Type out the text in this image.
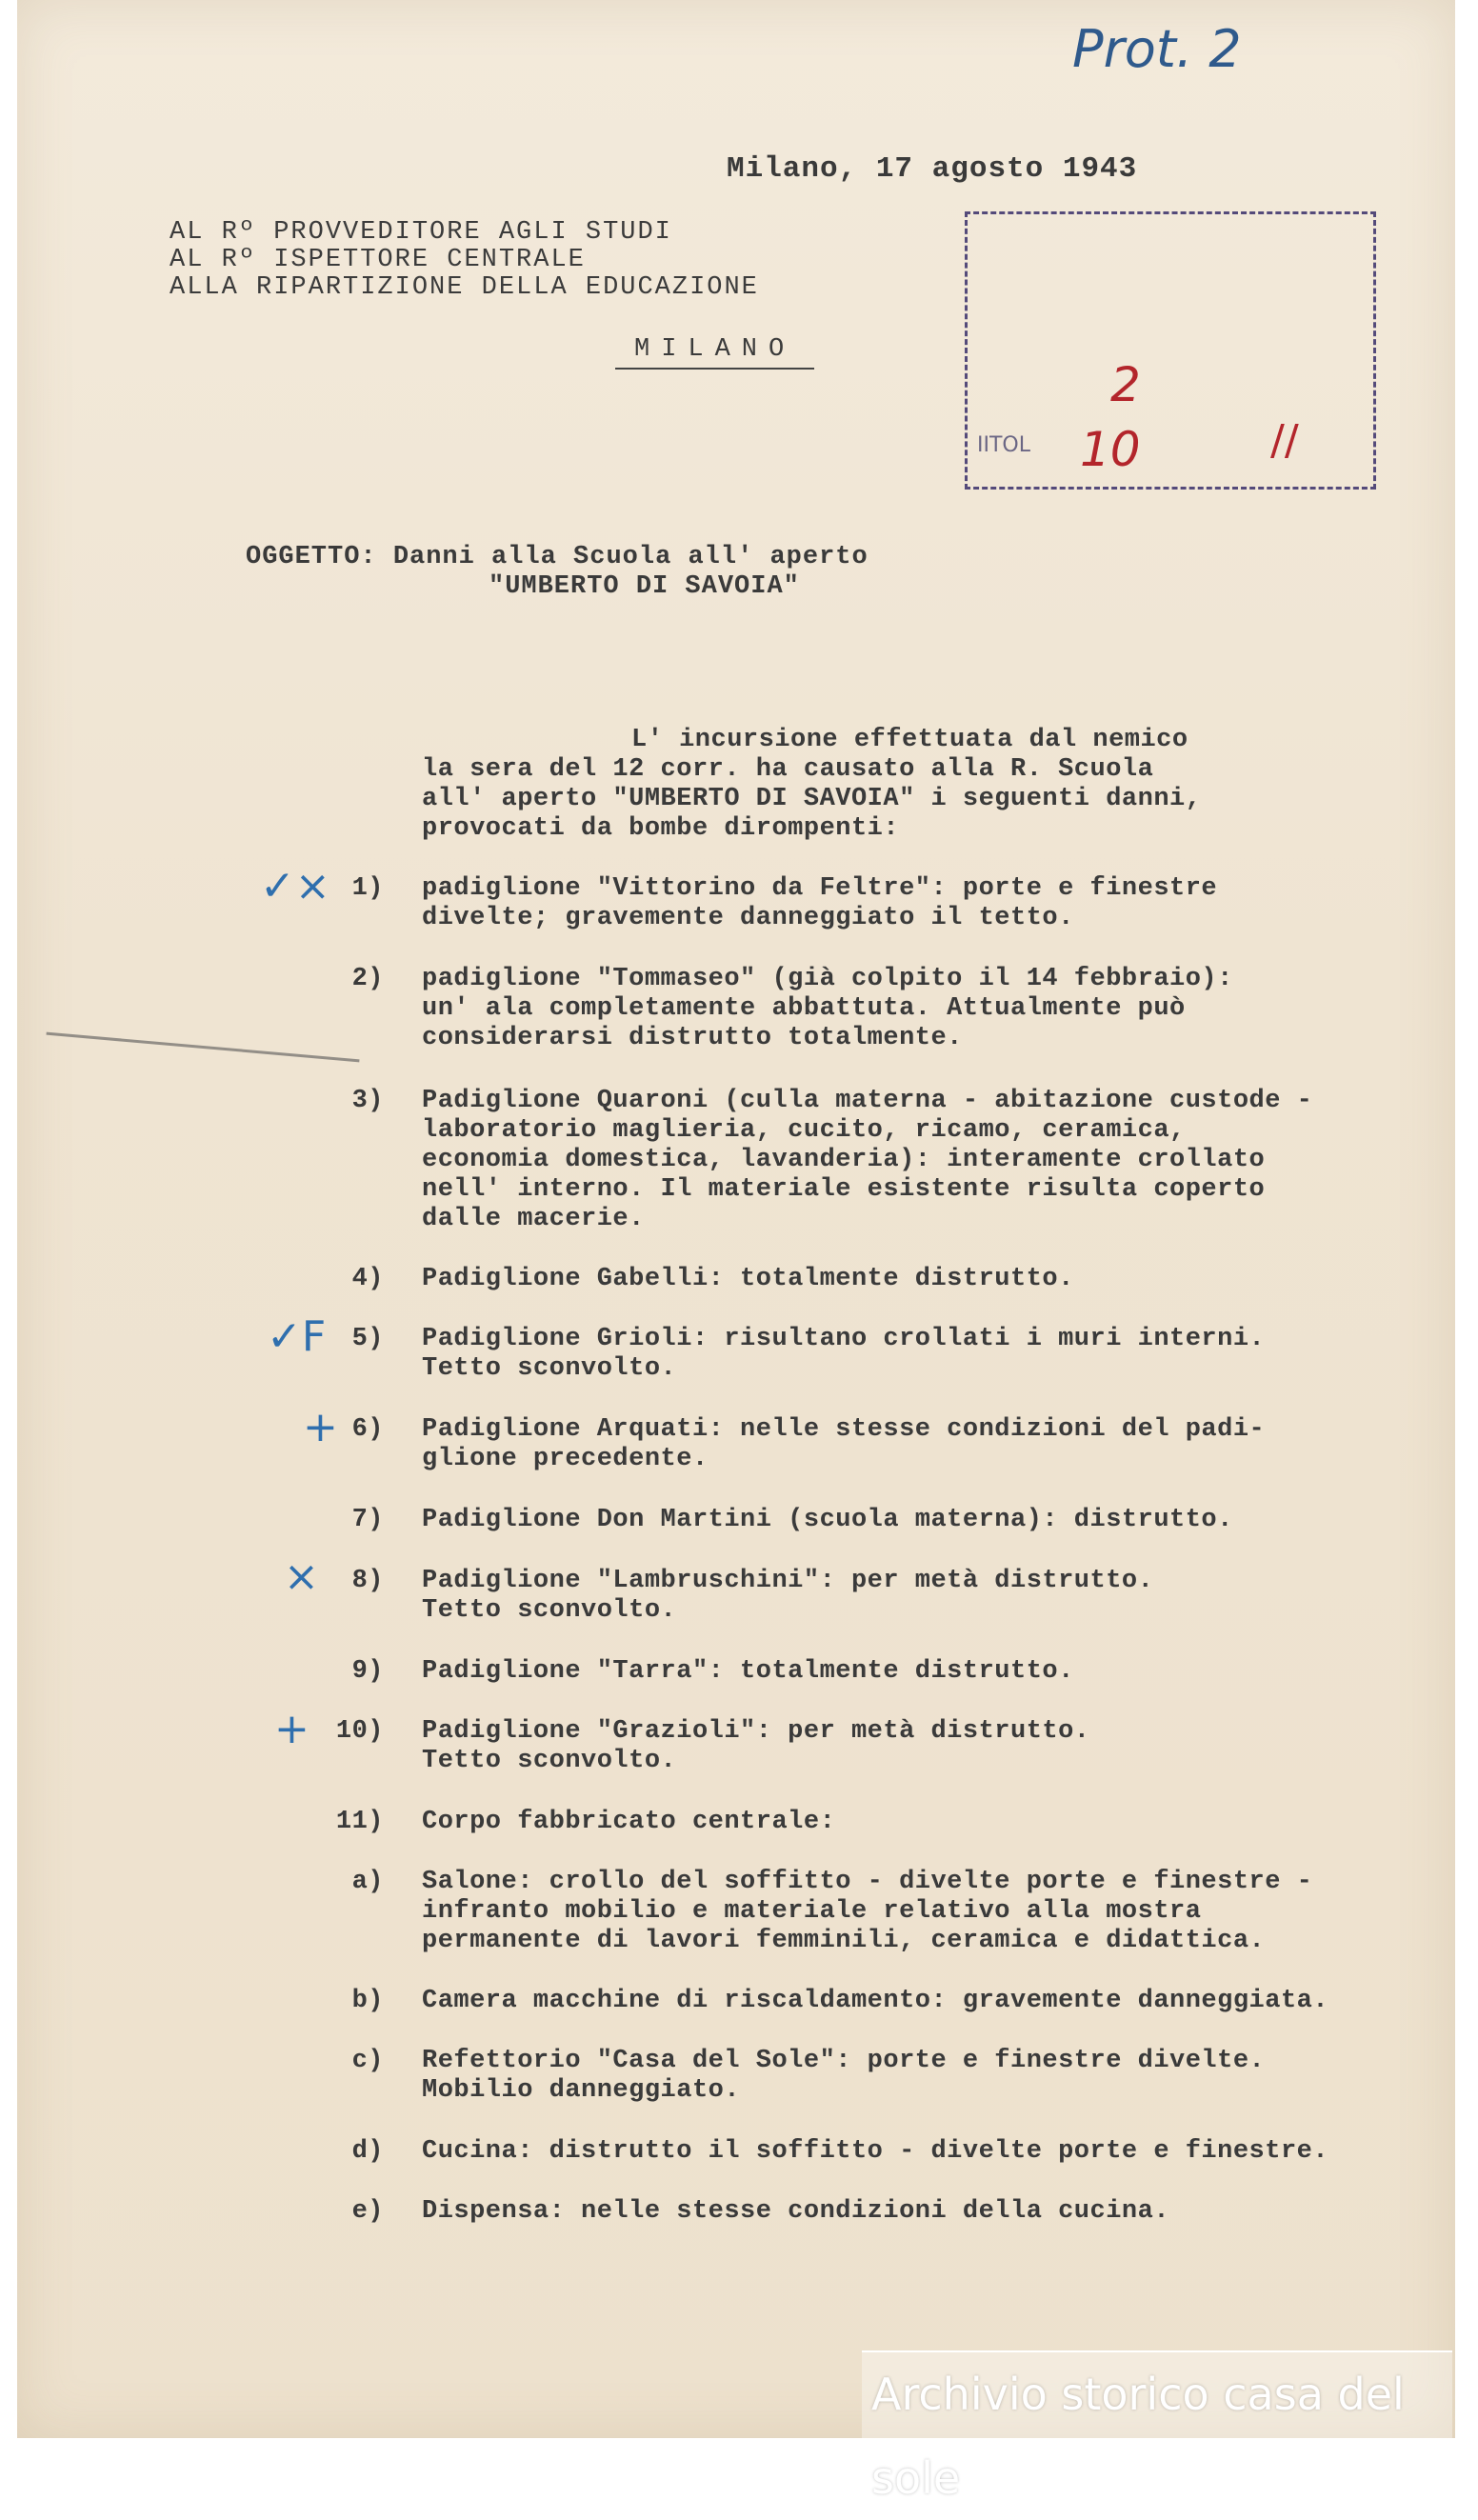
Prot. 2
Milano, 17 agosto 1943
AL Rº PROVVEDITORE AGLI STUDI
AL Rº ISPETTORE CENTRALE
ALLA RIPARTIZIONE DELLA EDUCAZIONE
MILANO
2
10
IITOL	//
OGGETTO: Danni alla Scuola all' aperto
"UMBERTO DI SAVOIA"
L' incursione effettuata dal nemico
la sera del 12 corr. ha causato alla R. Scuola
all' aperto "UMBERTO DI SAVOIA" i seguenti danni,
provocati da bombe dirompenti:
1) padiglione "Vittorino da Feltre": porte e finestre
divelte; gravemente danneggiato il tetto.
2) padiglione "Tommaseo" (già colpito il 14 febbraio):
un' ala completamente abbattuta. Attualmente può
considerarsi distrutto totalmente.
3) Padiglione Quaroni (culla materna - abitazione custode -
laboratorio maglieria, cucito, ricamo, ceramica,
economia domestica, lavanderia): interamente crollato
nell' interno. Il materiale esistente risulta coperto
dalle macerie.
4) Padiglione Gabelli: totalmente distrutto.
5) Padiglione Grioli: risultano crollati i muri interni.
Tetto sconvolto.
6) Padiglione Arquati: nelle stesse condizioni del padi-
glione precedente.
7) Padiglione Don Martini (scuola materna): distrutto.
8) Padiglione "Lambruschini": per metà distrutto.
Tetto sconvolto.
9) Padiglione "Tarra": totalmente distrutto.
10) Padiglione "Grazioli": per metà distrutto.
Tetto sconvolto.
11) Corpo fabbricato centrale:
a) Salone: crollo del soffitto - divelte porte e finestre -
infranto mobilio e materiale relativo alla mostra
permanente di lavori femminili, ceramica e didattica.
b) Camera macchine di riscaldamento: gravemente danneggiata.
c) Refettorio "Casa del Sole": porte e finestre divelte.
Mobilio danneggiato.
d) Cucina: distrutto il soffitto - divelte porte e finestre.
e) Dispensa: nelle stesse condizioni della cucina.
✓×
✓F
+
×
+
Archivio storico casa del sole
